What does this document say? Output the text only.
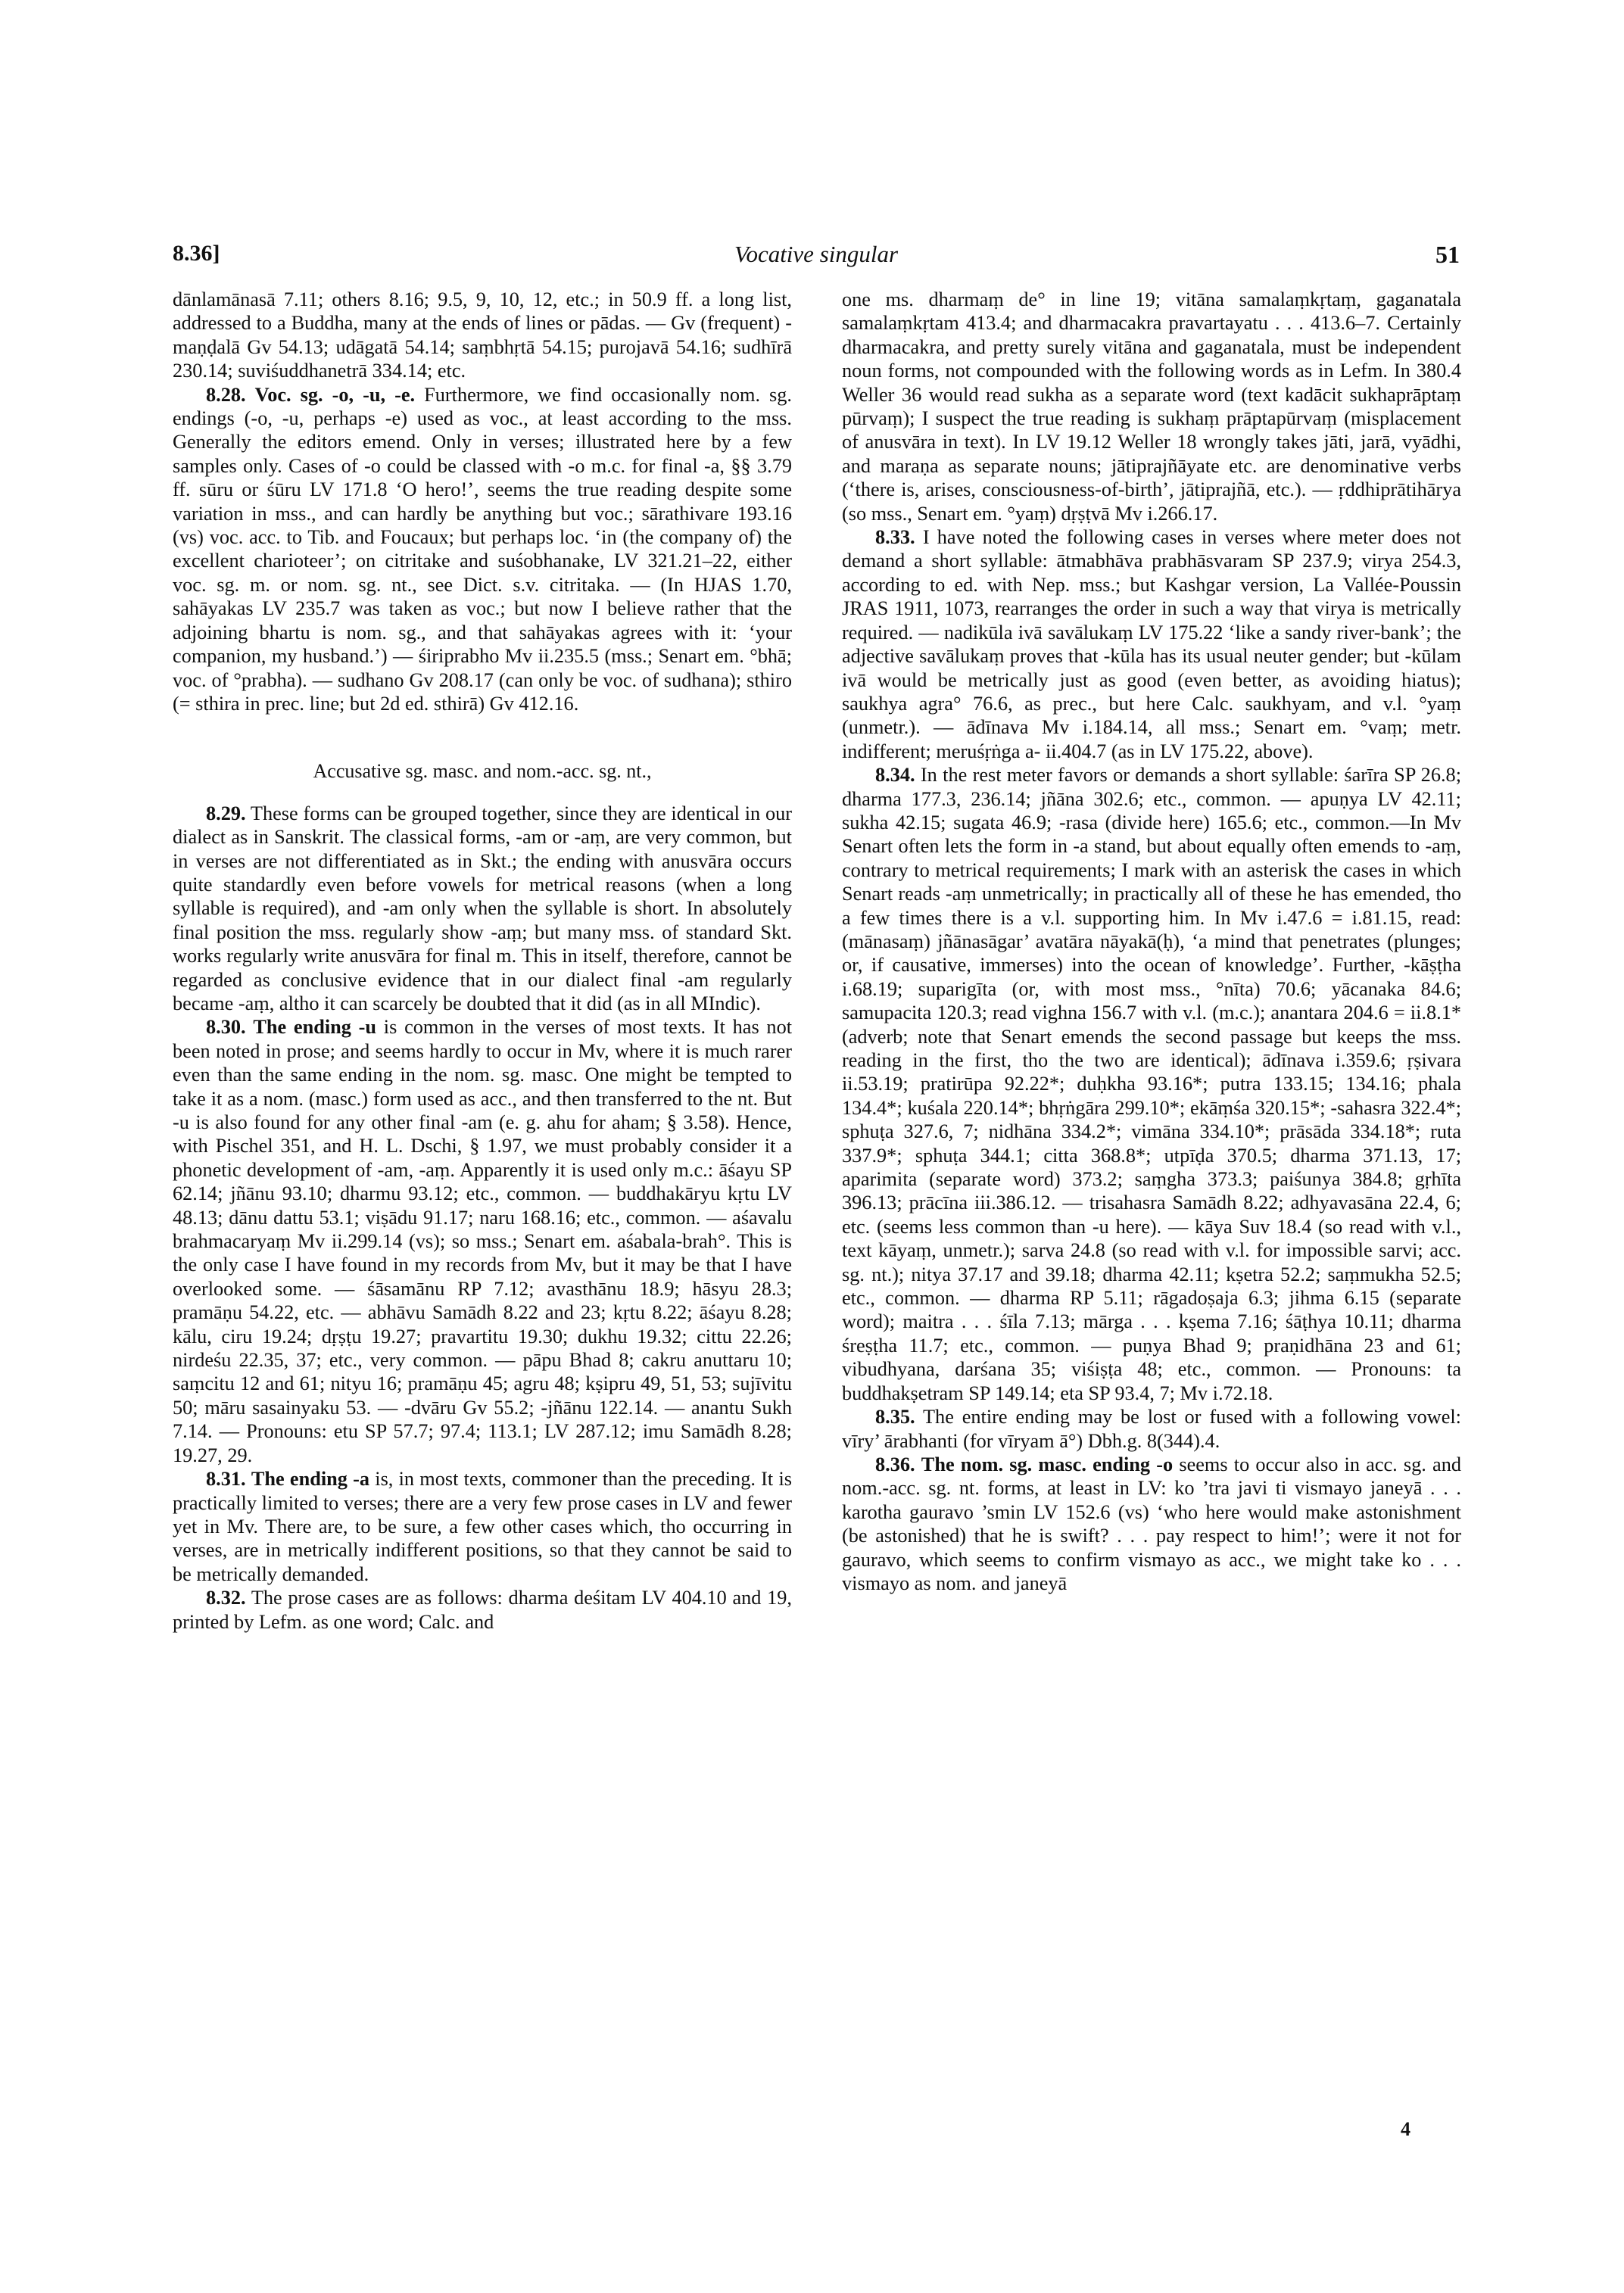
8.36]	Vocative singular	51

dānlamānasā 7.11; others 8.16; 9.5, 9, 10, 12, etc.; in 50.9 ff. a long list, addressed to a Buddha, many at the ends of lines or pādas. — Gv (frequent) -maṇḍalā Gv 54.13; udāgatā 54.14; saṃbhṛtā 54.15; purojavā 54.16; sudhīrā 230.14; suviśuddhanetrā 334.14; etc.

8.28. Voc. sg. -o, -u, -e. Furthermore, we find occasionally nom. sg. endings (-o, -u, perhaps -e) used as voc., at least according to the mss. Generally the editors emend. Only in verses; illustrated here by a few samples only. Cases of -o could be classed with -o m.c. for final -a, §§ 3.79 ff. sūru or śūru LV 171.8 ‘O hero!’, seems the true reading despite some variation in mss., and can hardly be anything but voc.; sārathivare 193.16 (vs) voc. acc. to Tib. and Foucaux; but perhaps loc. ‘in (the company of) the excellent charioteer’; on citritake and suśobhanake, LV 321.21–22, either voc. sg. m. or nom. sg. nt., see Dict. s.v. citritaka. — (In HJAS 1.70, sahāyakas LV 235.7 was taken as voc.; but now I believe rather that the adjoining bhartu is nom. sg., and that sahāyakas agrees with it: ‘your companion, my husband.’) — śiriprabho Mv ii.235.5 (mss.; Senart em. °bhā; voc. of °prabha). — sudhano Gv 208.17 (can only be voc. of sudhana); sthiro (= sthira in prec. line; but 2d ed. sthirā) Gv 412.16.

Accusative sg. masc. and nom.-acc. sg. nt.,

8.29. These forms can be grouped together, since they are identical in our dialect as in Sanskrit. The classical forms, -am or -aṃ, are very common, but in verses are not differentiated as in Skt.; the ending with anusvāra occurs quite standardly even before vowels for metrical reasons (when a long syllable is required), and -am only when the syllable is short. In absolutely final position the mss. regularly show -aṃ; but many mss. of standard Skt. works regularly write anusvāra for final m. This in itself, therefore, cannot be regarded as conclusive evidence that in our dialect final -am regularly became -aṃ, altho it can scarcely be doubted that it did (as in all MIndic).

8.30. The ending -u is common in the verses of most texts. It has not been noted in prose; and seems hardly to occur in Mv, where it is much rarer even than the same ending in the nom. sg. masc. One might be tempted to take it as a nom. (masc.) form used as acc., and then transferred to the nt. But -u is also found for any other final -am (e. g. ahu for aham; § 3.58). Hence, with Pischel 351, and H. L. Dschi, § 1.97, we must probably consider it a phonetic development of -am, -aṃ. Apparently it is used only m.c.: āśayu SP 62.14; jñānu 93.10; dharmu 93.12; etc., common. — buddhakāryu kṛtu LV 48.13; dānu dattu 53.1; viṣādu 91.17; naru 168.16; etc., common. — aśavalu brahmacaryaṃ Mv ii.299.14 (vs); so mss.; Senart em. aśabala-brah°. This is the only case I have found in my records from Mv, but it may be that I have overlooked some. — śāsamānu RP 7.12; avasthānu 18.9; hāsyu 28.3; pramāṇu 54.22, etc. — abhāvu Samādh 8.22 and 23; kṛtu 8.22; āśayu 8.28; kālu, ciru 19.24; dṛṣṭu 19.27; pravartitu 19.30; dukhu 19.32; cittu 22.26; nirdeśu 22.35, 37; etc., very common. — pāpu Bhad 8; cakru anuttaru 10; saṃcitu 12 and 61; nityu 16; pramāṇu 45; agru 48; kṣipru 49, 51, 53; sujīvitu 50; māru sasainyaku 53. — -dvāru Gv 55.2; -jñānu 122.14. — anantu Sukh 7.14. — Pronouns: etu SP 57.7; 97.4; 113.1; LV 287.12; imu Samādh 8.28; 19.27, 29.

8.31. The ending -a is, in most texts, commoner than the preceding. It is practically limited to verses; there are a very few prose cases in LV and fewer yet in Mv. There are, to be sure, a few other cases which, tho occurring in verses, are in metrically indifferent positions, so that they cannot be said to be metrically demanded.

8.32. The prose cases are as follows: dharma deśitam LV 404.10 and 19, printed by Lefm. as one word; Calc. and

one ms. dharmaṃ de° in line 19; vitāna samalaṃkṛtaṃ, gaganatala samalaṃkṛtam 413.4; and dharmacakra pravartayatu . . . 413.6–7. Certainly dharmacakra, and pretty surely vitāna and gaganatala, must be independent noun forms, not compounded with the following words as in Lefm. In 380.4 Weller 36 would read sukha as a separate word (text kadācit sukhaprāptaṃ pūrvaṃ); I suspect the true reading is sukhaṃ prāptapūrvaṃ (misplacement of anusvāra in text). In LV 19.12 Weller 18 wrongly takes jāti, jarā, vyādhi, and maraṇa as separate nouns; jātiprajñāyate etc. are denominative verbs (‘there is, arises, consciousness-of-birth’, jātiprajñā, etc.). — ṛddhiprātihārya (so mss., Senart em. °yaṃ) dṛṣṭvā Mv i.266.17.

8.33. I have noted the following cases in verses where meter does not demand a short syllable: ātmabhāva prabhāsvaram SP 237.9; virya 254.3, according to ed. with Nep. mss.; but Kashgar version, La Vallée-Poussin JRAS 1911, 1073, rearranges the order in such a way that virya is metrically required. — nadikūla ivā savālukaṃ LV 175.22 ‘like a sandy river-bank’; the adjective savālukaṃ proves that -kūla has its usual neuter gender; but -kūlam ivā would be metrically just as good (even better, as avoiding hiatus); saukhya agra° 76.6, as prec., but here Calc. saukhyam, and v.l. °yaṃ (unmetr.). — ādīnava Mv i.184.14, all mss.; Senart em. °vaṃ; metr. indifferent; meruśṛṅga a- ii.404.7 (as in LV 175.22, above).

8.34. In the rest meter favors or demands a short syllable: śarīra SP 26.8; dharma 177.3, 236.14; jñāna 302.6; etc., common. — apuṇya LV 42.11; sukha 42.15; sugata 46.9; -rasa (divide here) 165.6; etc., common.—In Mv Senart often lets the form in -a stand, but about equally often emends to -aṃ, contrary to metrical requirements; I mark with an asterisk the cases in which Senart reads -aṃ unmetrically; in practically all of these he has emended, tho a few times there is a v.l. supporting him. In Mv i.47.6 = i.81.15, read: (mānasaṃ) jñānasāgar’ avatāra nāyakā(ḥ), ‘a mind that penetrates (plunges; or, if causative, immerses) into the ocean of knowledge’. Further, -kāṣṭha i.68.19; suparigīta (or, with most mss., °nīta) 70.6; yācanaka 84.6; samupacita 120.3; read vighna 156.7 with v.l. (m.c.); anantara 204.6 = ii.8.1* (adverb; note that Senart emends the second passage but keeps the mss. reading in the first, tho the two are identical); ādīnava i.359.6; ṛṣivara ii.53.19; pratirūpa 92.22*; duḥkha 93.16*; putra 133.15; 134.16; phala 134.4*; kuśala 220.14*; bhṛṅgāra 299.10*; ekāṃśa 320.15*; -sahasra 322.4*; sphuṭa 327.6, 7; nidhāna 334.2*; vimāna 334.10*; prāsāda 334.18*; ruta 337.9*; sphuṭa 344.1; citta 368.8*; utpīḍa 370.5; dharma 371.13, 17; aparimita (separate word) 373.2; saṃgha 373.3; paiśunya 384.8; gṛhīta 396.13; prācīna iii.386.12. — trisahasra Samādh 8.22; adhyavasāna 22.4, 6; etc. (seems less common than -u here). — kāya Suv 18.4 (so read with v.l., text kāyaṃ, unmetr.); sarva 24.8 (so read with v.l. for impossible sarvi; acc. sg. nt.); nitya 37.17 and 39.18; dharma 42.11; kṣetra 52.2; saṃmukha 52.5; etc., common. — dharma RP 5.11; rāgadoṣaja 6.3; jihma 6.15 (separate word); maitra . . . śīla 7.13; mārga . . . kṣema 7.16; śāṭhya 10.11; dharma śreṣṭha 11.7; etc., common. — puṇya Bhad 9; praṇidhāna 23 and 61; vibudhyana, darśana 35; viśiṣṭa 48; etc., common. — Pronouns: ta buddhakṣetram SP 149.14; eta SP 93.4, 7; Mv i.72.18.

8.35. The entire ending may be lost or fused with a following vowel: vīry’ ārabhanti (for vīryam ā°) Dbh.g. 8(344).4.

8.36. The nom. sg. masc. ending -o seems to occur also in acc. sg. and nom.-acc. sg. nt. forms, at least in LV: ko ’tra javi ti vismayo janeyā . . . karotha gauravo ’smin LV 152.6 (vs) ‘who here would make astonishment (be astonished) that he is swift? . . . pay respect to him!’; were it not for gauravo, which seems to confirm vismayo as acc., we might take ko . . . vismayo as nom. and janeyā

4
